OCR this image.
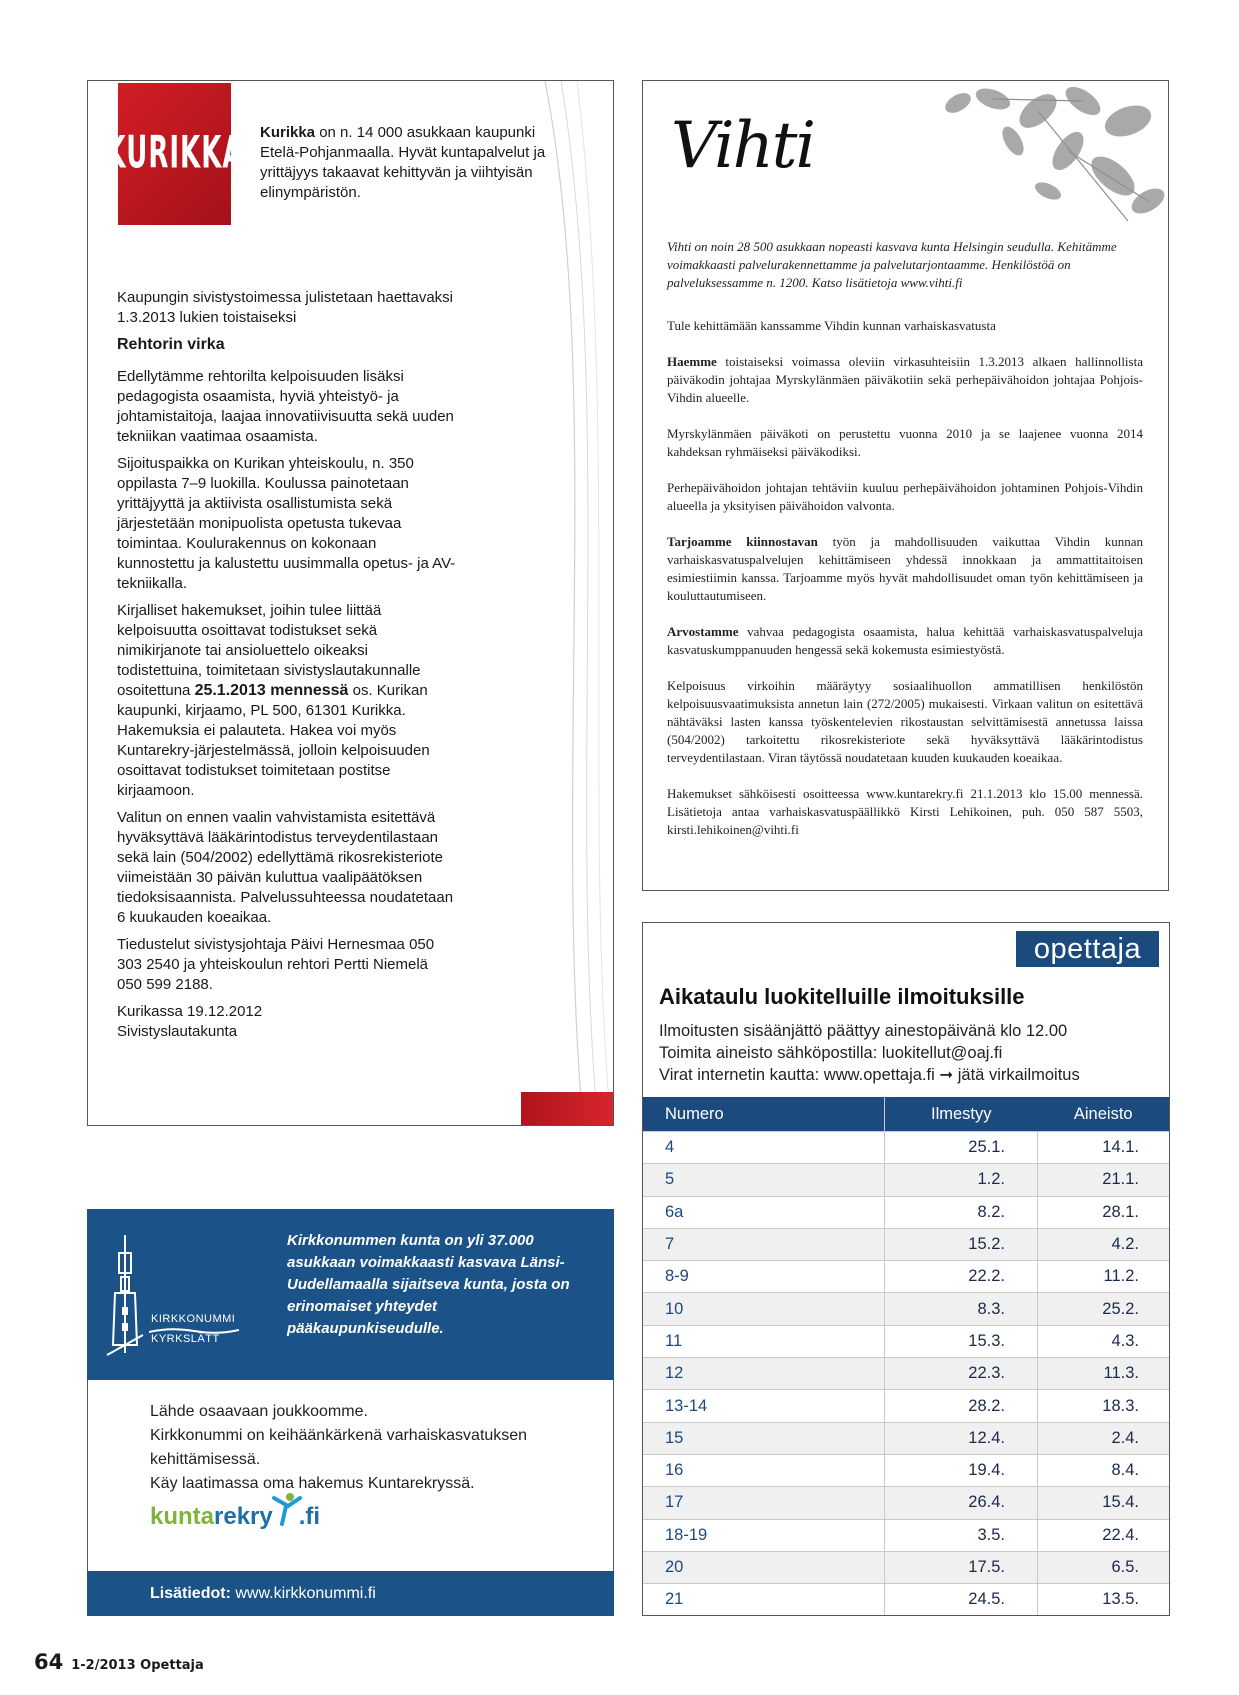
KURIKKA Kurikka on n. 14 000 asukkaan kaupunki Etelä-Pohjanmaalla. Hyvät kuntapalvelut ja yrittäjyys takaavat kehittyvän ja viihtyisän elinympäristön.

Kaupungin sivistystoimessa julistetaan haettavaksi 1.3.2013 lukien toistaiseksi

Rehtorin virka

Edellytämme rehtorilta kelpoisuuden lisäksi pedagogista osaamista, hyviä yhteistyö- ja johtamistaitoja, laajaa innovatiivisuutta sekä uuden tekniikan vaatimaa osaamista.

Sijoituspaikka on Kurikan yhteiskoulu, n. 350 oppilasta 7–9 luokilla. Koulussa painotetaan yrittäjyyttä ja aktiivista osallistumista sekä järjestetään monipuolista opetusta tukevaa toimintaa. Koulurakennus on kokonaan kunnostettu ja kalustettu uusimmalla opetus- ja AV-tekniikalla.

Kirjalliset hakemukset, joihin tulee liittää kelpoisuutta osoittavat todistukset sekä nimikirjanote tai ansioluettelo oikeaksi todistettuina, toimitetaan sivistyslautakunnalle osoitettuna 25.1.2013 mennessä os. Kurikan kaupunki, kirjaamo, PL 500, 61301 Kurikka. Hakemuksia ei palauteta. Hakea voi myös Kuntarekry-järjestelmässä, jolloin kelpoisuuden osoittavat todistukset toimitetaan postitse kirjaamoon.

Valitun on ennen vaalin vahvistamista esitettävä hyväksyttävä lääkärintodistus terveydentilastaan sekä lain (504/2002) edellyttämä rikosrekisteriote viimeistään 30 päivän kuluttua vaalipäätöksen tiedoksisaannista. Palvelussuhteessa noudatetaan 6 kuukauden koeaikaa.

Tiedustelut sivistysjohtaja Päivi Hernesmaa 050 303 2540 ja yhteiskoulun rehtori Pertti Niemelä 050 599 2188.

Kurikassa 19.12.2012
Sivistyslautakunta

Vihti
Vihti on noin 28 500 asukkaan nopeasti kasvava kunta Helsingin seudulla. Kehitämme voimakkaasti palvelurakennettamme ja palvelutarjontaamme. Henkilöstöä on palveluksessamme n. 1200. Katso lisätietoja www.vihti.fi

Tule kehittämään kanssamme Vihdin kunnan varhaiskasvatusta

Haemme toistaiseksi voimassa oleviin virkasuhteisiin 1.3.2013 alkaen hallinnollista päiväkodin johtajaa Myrskylänmäen päiväkotiin sekä perhepäivähoidon johtajaa Pohjois-Vihdin alueelle.

Myrskylänmäen päiväkoti on perustettu vuonna 2010 ja se laajenee vuonna 2014 kahdeksan ryhmäiseksi päiväkodiksi.

Perhepäivähoidon johtajan tehtäviin kuuluu perhepäivähoidon johtaminen Pohjois-Vihdin alueella ja yksityisen päivähoidon valvonta.

Tarjoamme kiinnostavan työn ja mahdollisuuden vaikuttaa Vihdin kunnan varhaiskasvatuspalvelujen kehittämiseen yhdessä innokkaan ja ammattitaitoisen esimiestiimin kanssa. Tarjoamme myös hyvät mahdollisuudet oman työn kehittämiseen ja kouluttautumiseen.

Arvostamme vahvaa pedagogista osaamista, halua kehittää varhaiskasvatuspalveluja kasvatuskumppanuuden hengessä sekä kokemusta esimiestyöstä.

Kelpoisuus virkoihin määräytyy sosiaalihuollon ammatillisen henkilöstön kelpoisuusvaatimuksista annetun lain (272/2005) mukaisesti. Virkaan valitun on esitettävä nähtäväksi lasten kanssa työskentelevien rikostaustan selvittämisestä annetussa laissa (504/2002) tarkoitettu rikosrekisteriote sekä hyväksyttävä lääkärintodistus terveydentilastaan. Viran täytössä noudatetaan kuuden kuukauden koeaikaa.

Hakemukset sähköisesti osoitteessa www.kuntarekry.fi 21.1.2013 klo 15.00 mennessä. Lisätietoja antaa varhaiskasvatuspäällikkö Kirsti Lehikoinen, puh. 050 587 5503, kirsti.lehikoinen@vihti.fi

opettaja
Aikataulu luokitelluille ilmoituksille
Ilmoitusten sisäänjättö päättyy ainestopäivänä klo 12.00
Toimita aineisto sähköpostilla: luokitellut@oaj.fi
Virat internetin kautta: www.opettaja.fi ➞ jätä virkailmoitus
Numero	Ilmestyy	Aineisto
4	25.1.	14.1.
5	1.2.	21.1.
6a	8.2.	28.1.
7	15.2.	4.2.
8-9	22.2.	11.2.
10	8.3.	25.2.
11	15.3.	4.3.
12	22.3.	11.3.
13-14	28.2.	18.3.
15	12.4.	2.4.
16	19.4.	8.4.
17	26.4.	15.4.
18-19	3.5.	22.4.
20	17.5.	6.5.
21	24.5.	13.5.
KIRKKONUMMI
KYRKSLÄTT
Kirkkonummen kunta on yli 37.000 asukkaan voimakkaasti kasvava Länsi-Uudellamaalla sijaitseva kunta, josta on erinomaiset yhteydet pääkaupunkiseudulle.
Lähde osaavaan joukkoomme.
Kirkkonummi on keihäänkärkenä varhaiskasvatuksen kehittämisessä.
Käy laatimassa oma hakemus Kuntarekryssä.
kuntarekry .fi
Lisätiedot: www.kirkkonummi.fi
64 1-2/2013 Opettaja
